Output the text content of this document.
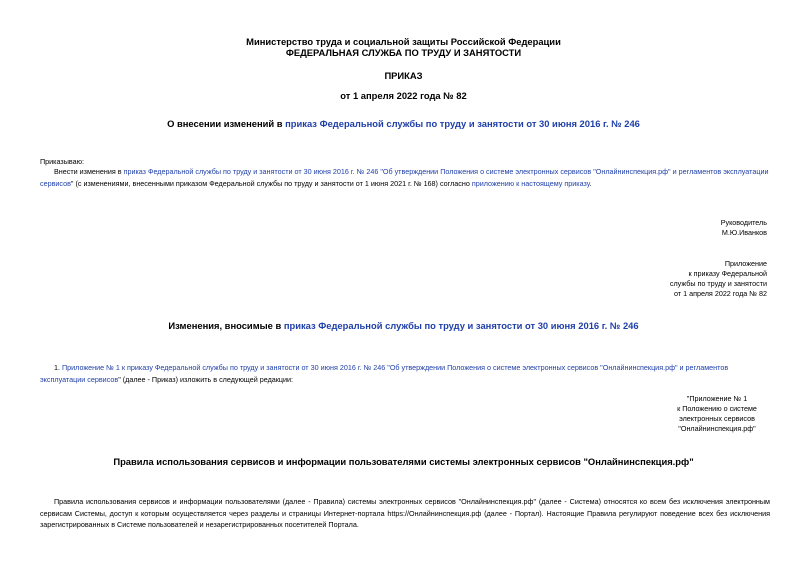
Министерство труда и социальной защиты Российской Федерации
ФЕДЕРАЛЬНАЯ СЛУЖБА ПО ТРУДУ И ЗАНЯТОСТИ
ПРИКАЗ
от 1 апреля 2022 года № 82
О внесении изменений в приказ Федеральной службы по труду и занятости от 30 июня 2016 г. № 246
Приказываю:
Внести изменения в приказ Федеральной службы по труду и занятости от 30 июня 2016 г. № 246 "Об утверждении Положения о системе электронных сервисов "Онлайнинспекция.рф" и регламентов эксплуатации сервисов" (с изменениями, внесенными приказом Федеральной службы по труду и занятости от 1 июня 2021 г. № 168) согласно приложению к настоящему приказу.
Руководитель
М.Ю.Иванков
Приложение
к приказу Федеральной
службы по труду и занятости
от 1 апреля 2022 года № 82
Изменения, вносимые в приказ Федеральной службы по труду и занятости от 30 июня 2016 г. № 246
1. Приложение № 1 к приказу Федеральной службы по труду и занятости от 30 июня 2016 г. № 246 "Об утверждении Положения о системе электронных сервисов "Онлайнинспекция.рф" и регламентов эксплуатации сервисов" (далее - Приказ) изложить в следующей редакции:
"Приложение № 1
к Положению о системе
электронных сервисов
"Онлайнинспекция.рф"
Правила использования сервисов и информации пользователями системы электронных сервисов "Онлайнинспекция.рф"
Правила использования сервисов и информации пользователями (далее - Правила) системы электронных сервисов "Онлайнинспекция.рф" (далее - Система) относятся ко всем без исключения электронным сервисам Системы, доступ к которым осуществляется через разделы и страницы Интернет-портала https://Онлайнинспекция.рф (далее - Портал). Настоящие Правила регулируют поведение всех без исключения зарегистрированных в Системе пользователей и незарегистрированных посетителей Портала.
